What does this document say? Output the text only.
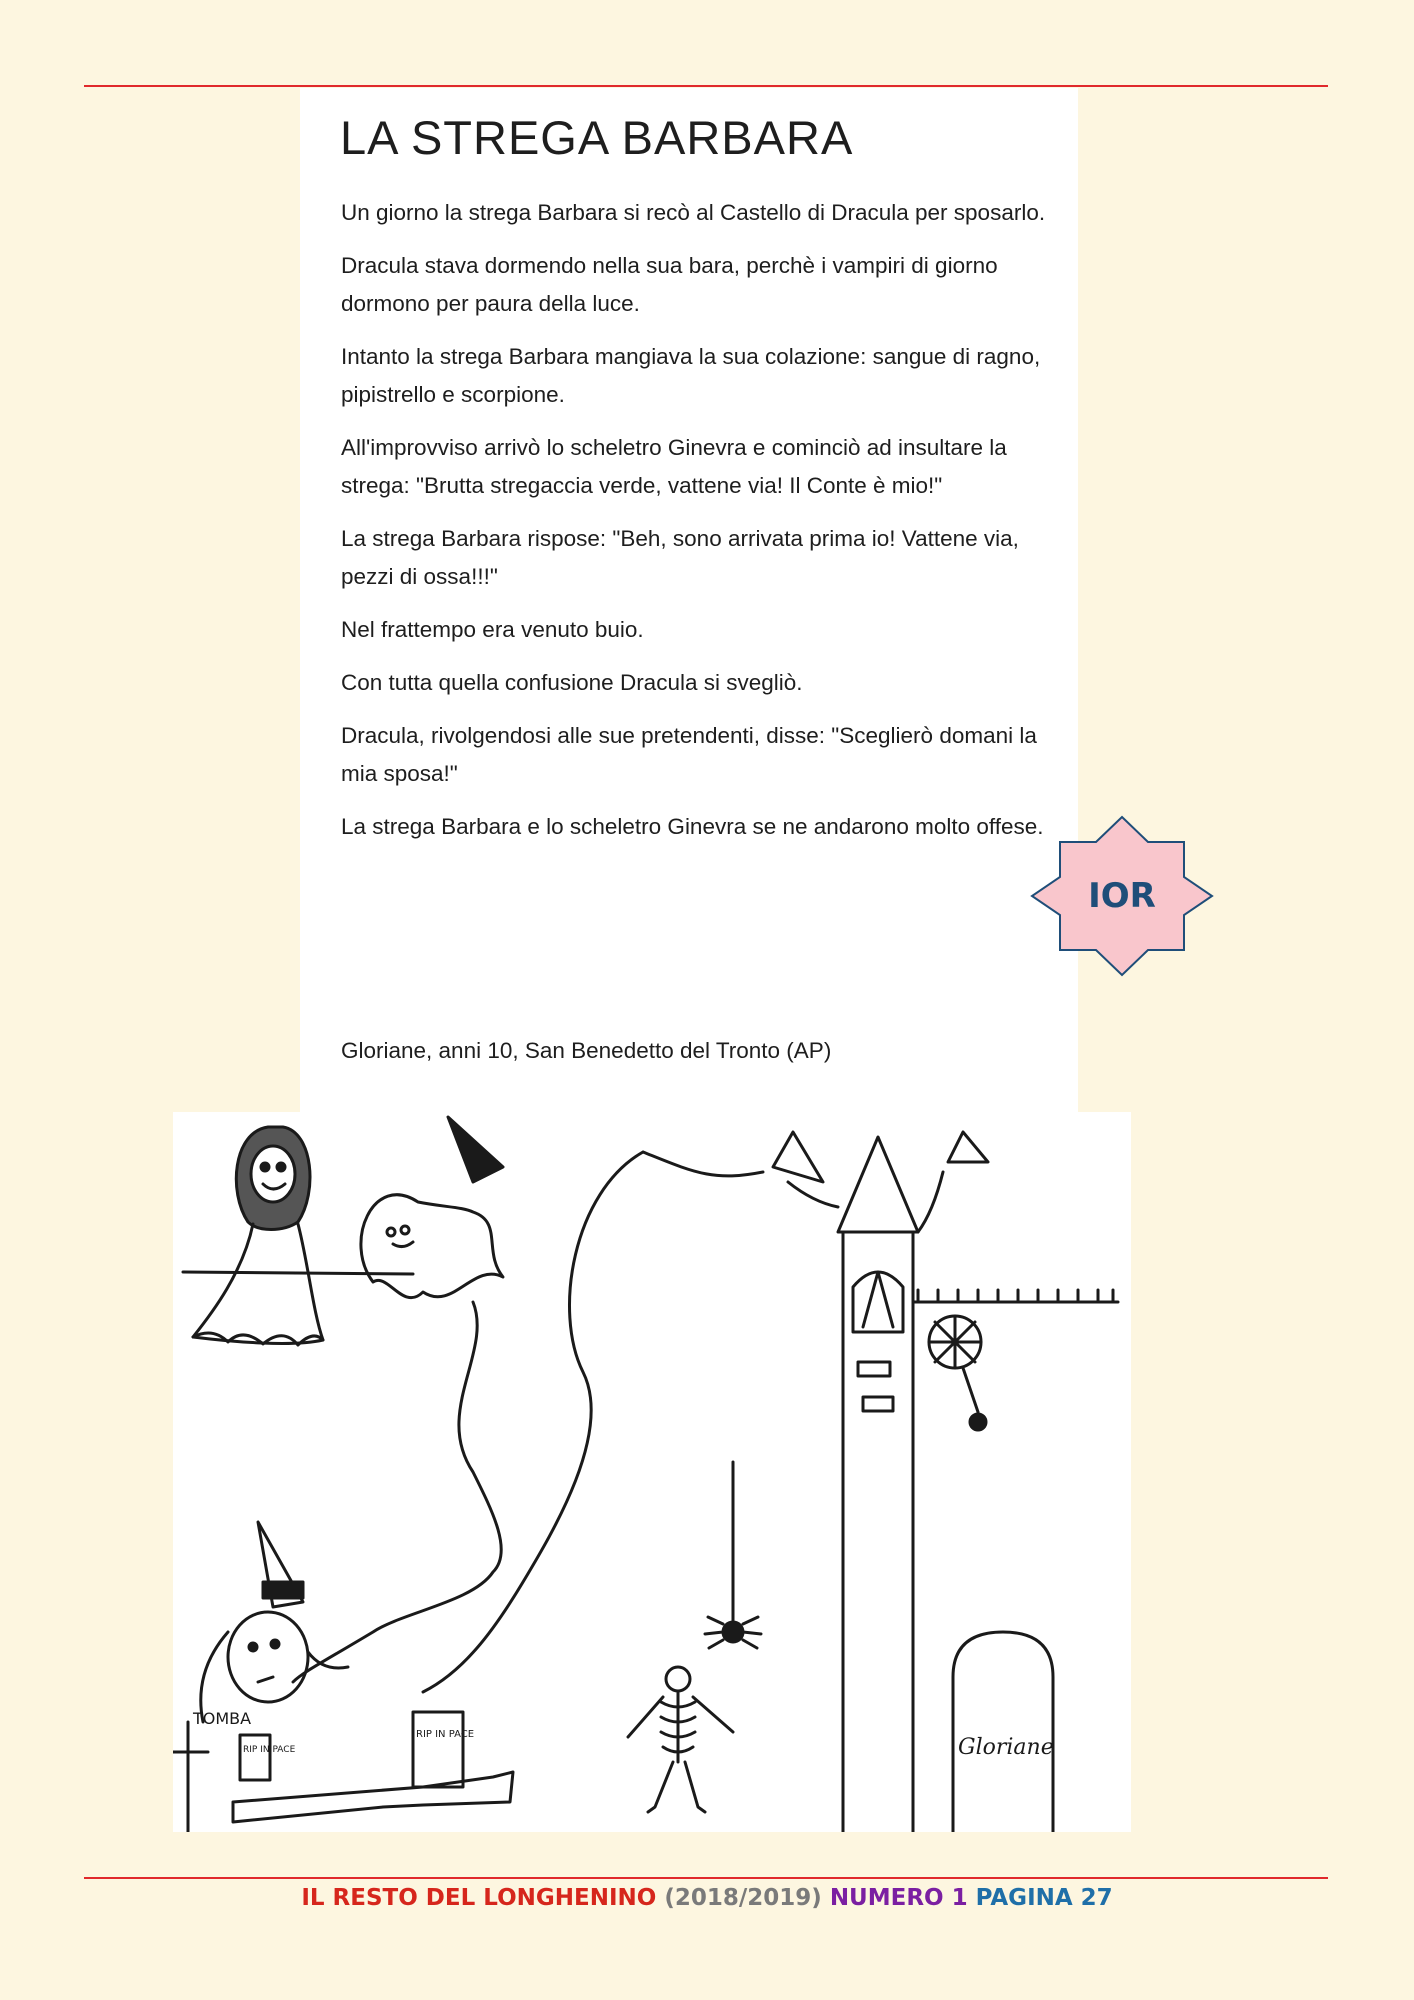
LA STREGA BARBARA

Un giorno la strega Barbara si recò al Castello di Dracula per sposarlo.

Dracula stava dormendo nella sua bara, perchè i vampiri di giorno dormono per paura della luce.

Intanto la strega Barbara mangiava la sua colazione: sangue di ragno, pipistrello e scorpione.

All'improvviso arrivò lo scheletro Ginevra e cominciò ad insultare la strega: "Brutta stregaccia verde, vattene via! Il Conte è mio!"

La strega Barbara rispose: "Beh, sono arrivata prima io! Vattene via, pezzi di ossa!!!"

Nel frattempo era venuto buio.

Con tutta quella confusione Dracula si svegliò.

Dracula, rivolgendosi alle sue pretendenti, disse: "Sceglierò domani la mia sposa!"

La strega Barbara e lo scheletro Ginevra se ne andarono molto offese.

Gloriane, anni 10, San Benedetto del Tronto (AP)

IOR
TOMBA
RIP IN PACE
RIP IN PACE
Gloriane
IL RESTO DEL LONGHENINO (2018/2019) NUMERO 1 PAGINA 27
